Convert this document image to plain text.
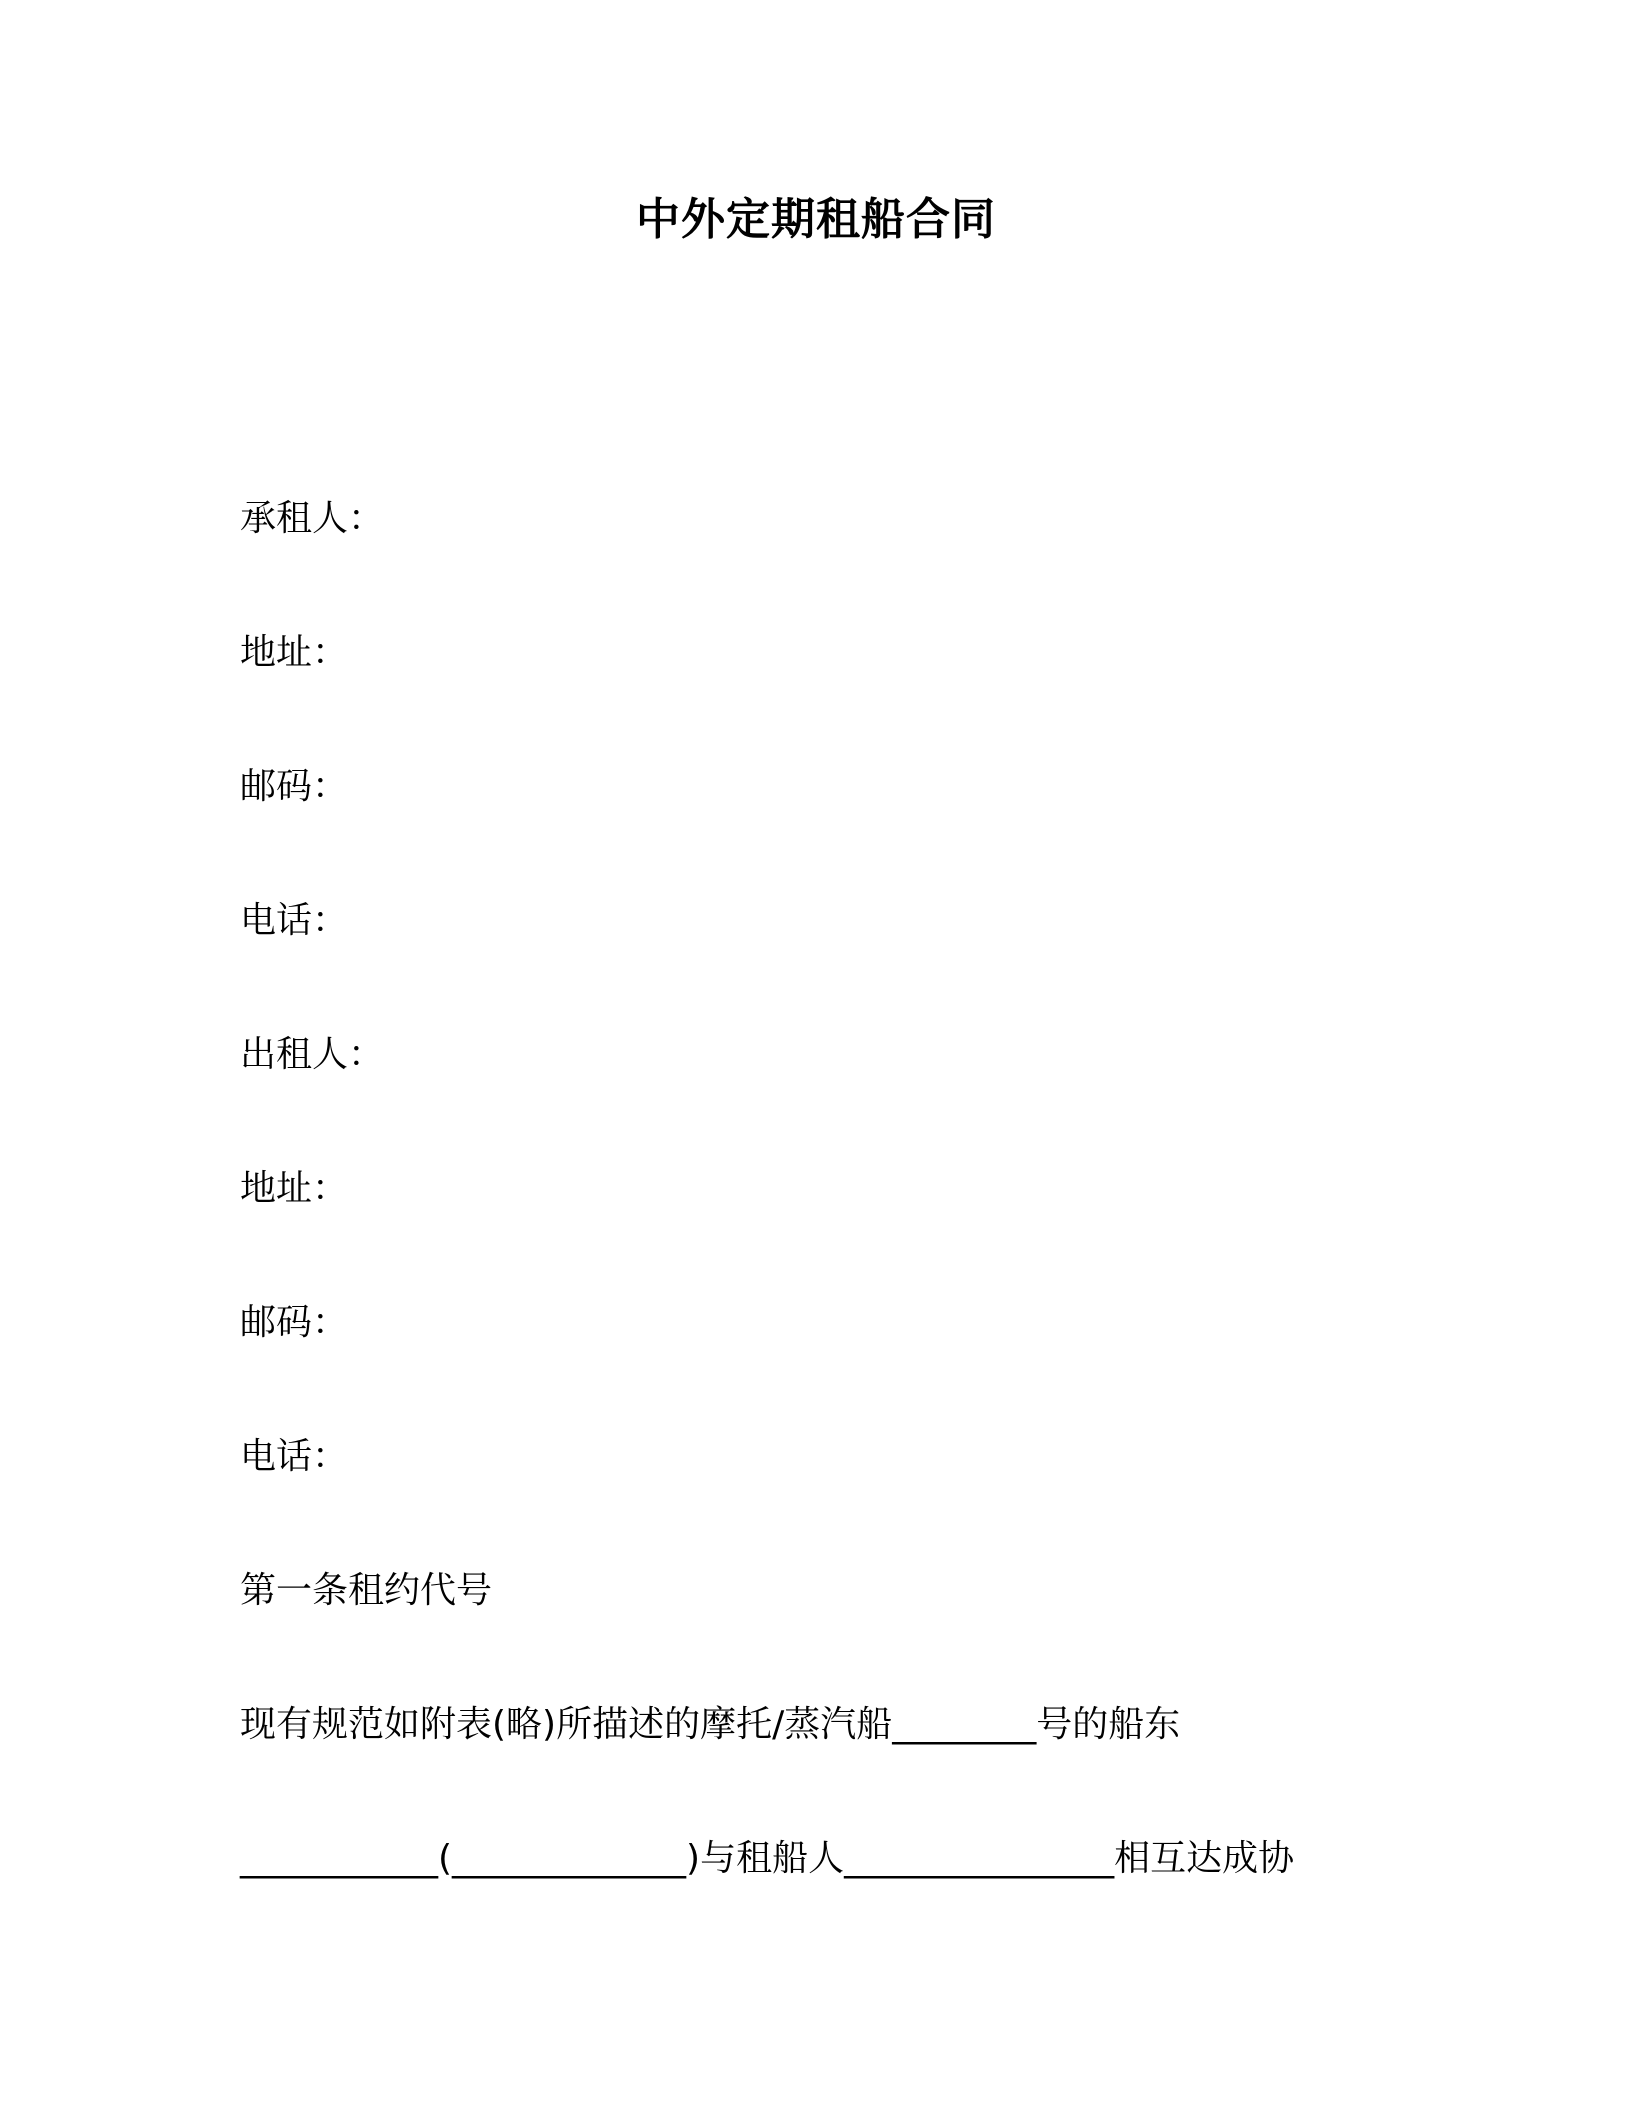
中外定期租船合同
承租人：
地址：
邮码：
电话：
出租人：
地址：
邮码：
电话：
第一条租约代号
现有规范如附表(略)所描述的摩托/蒸汽船________号的船东
___________(_____________)与租船人_______________相互达成协
